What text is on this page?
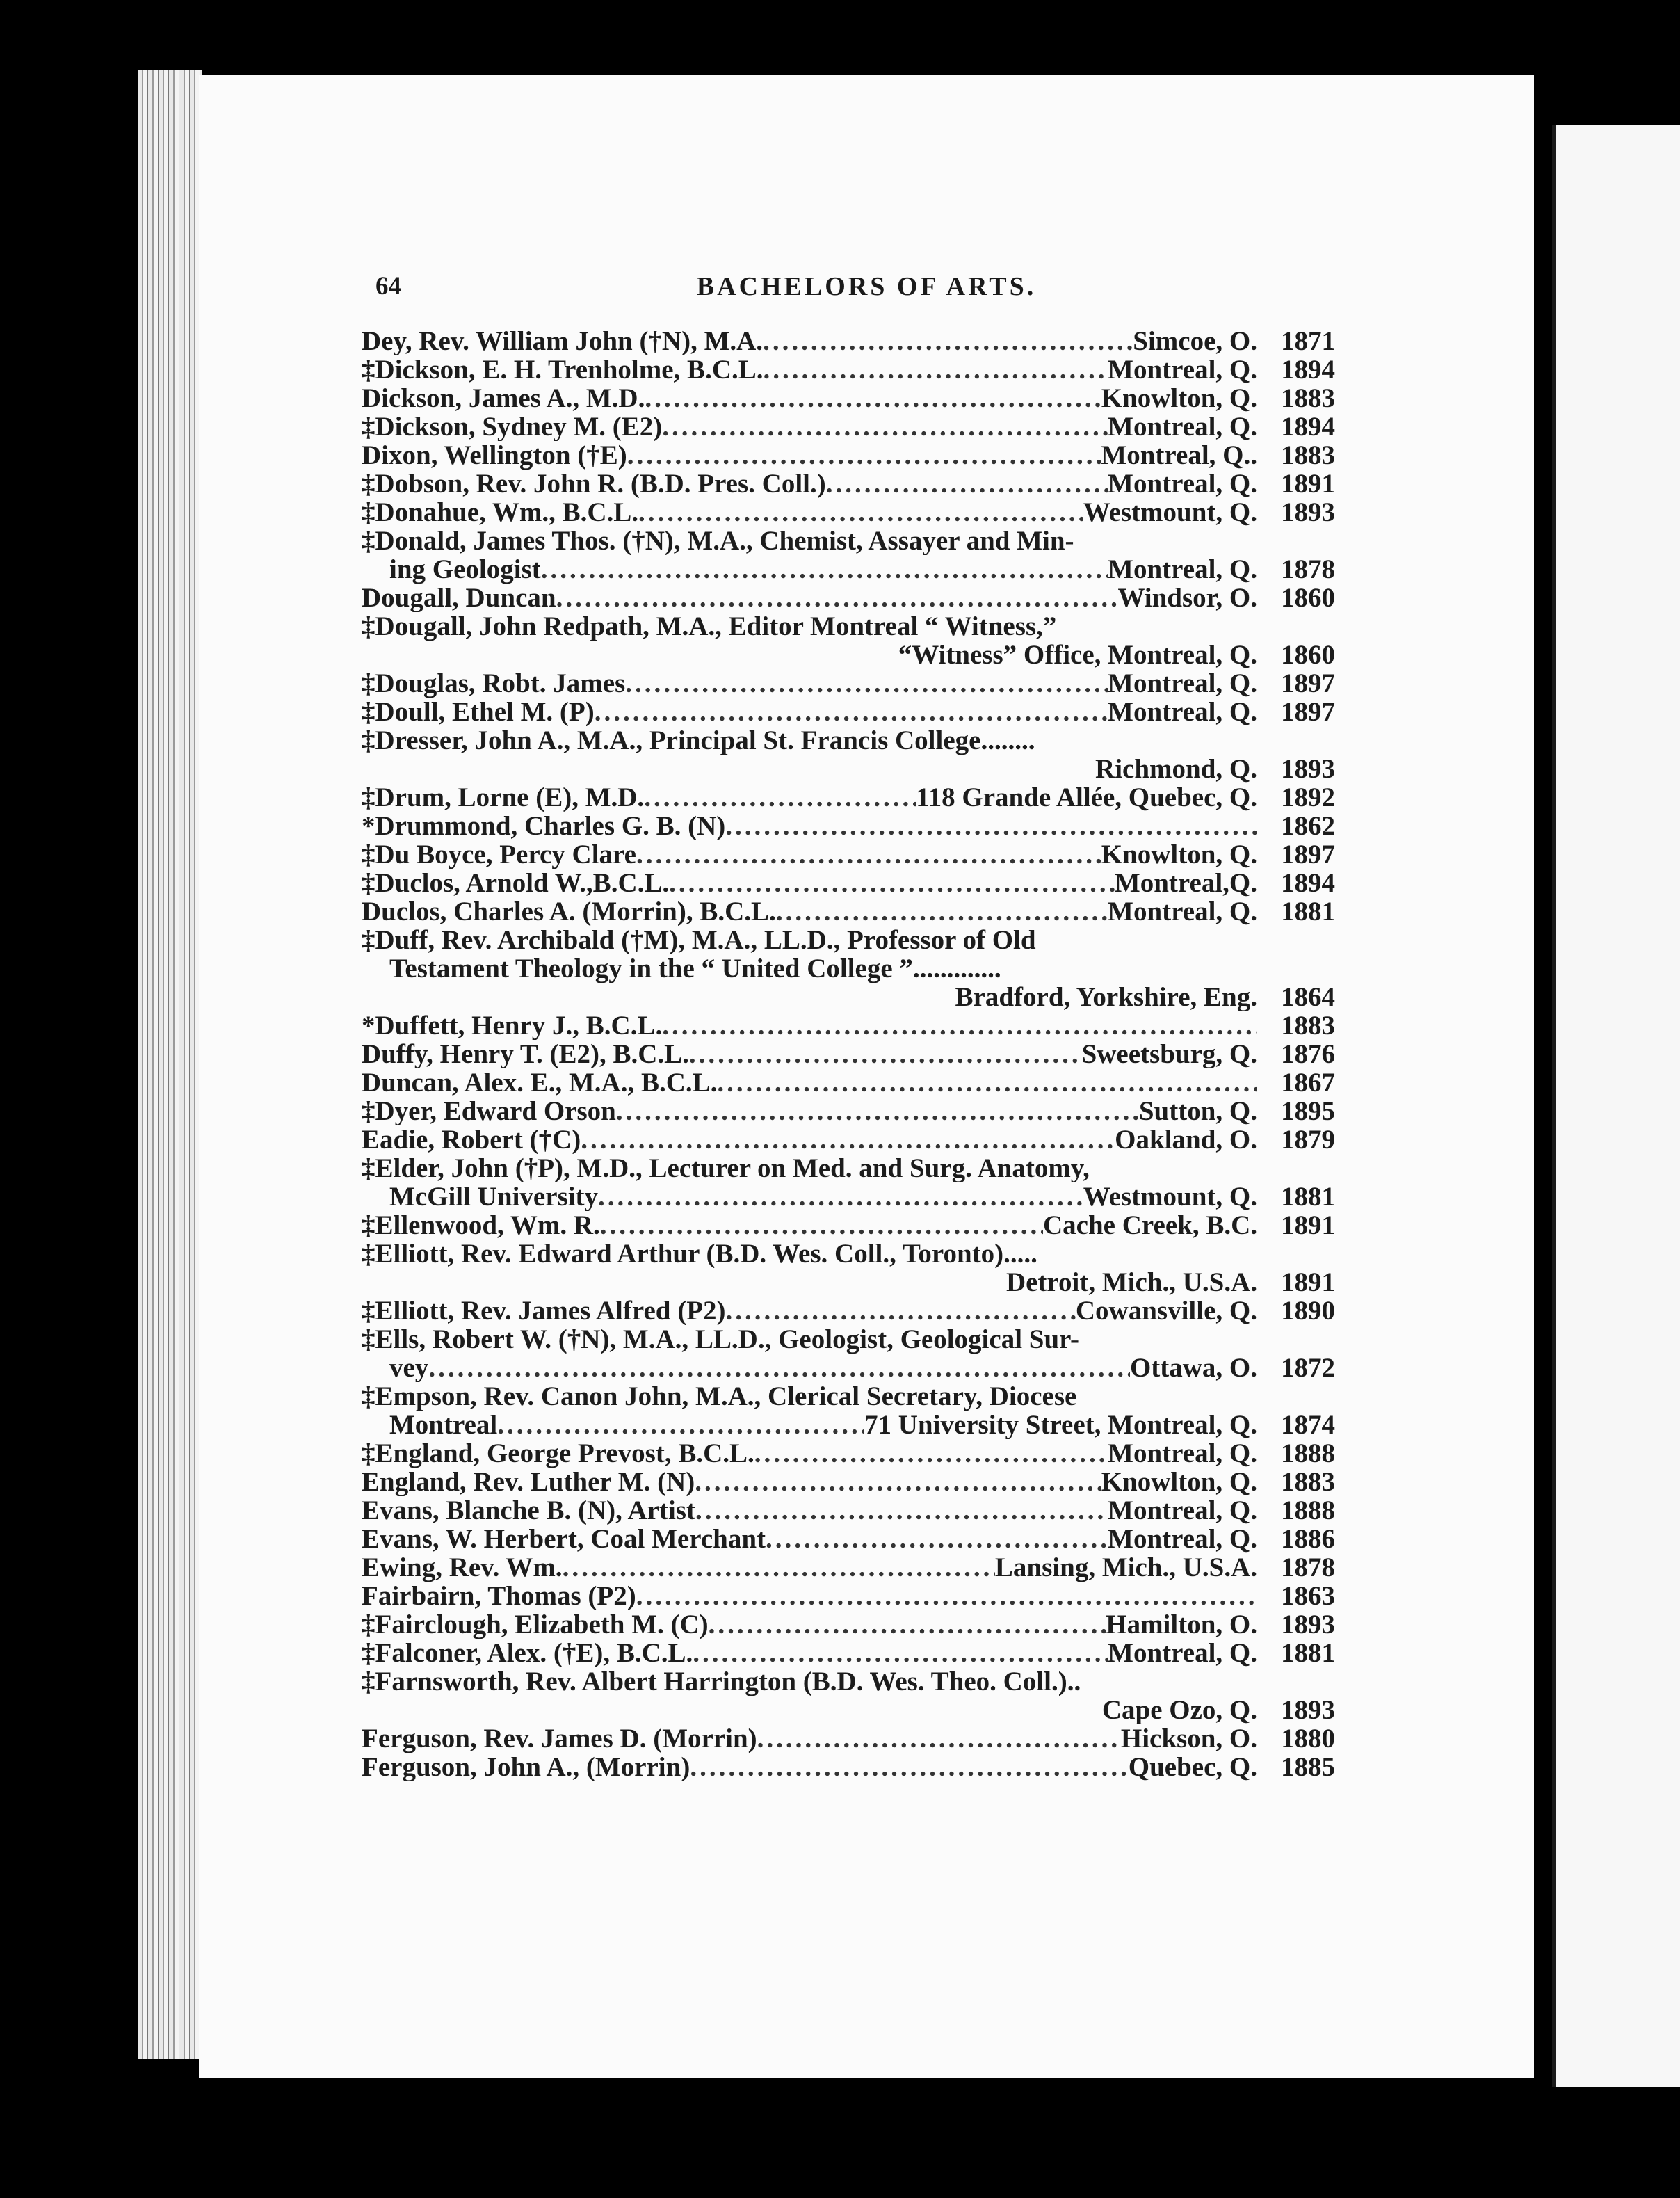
64	BACHELORS OF ARTS.
Dey, Rev. William John (†N), M.A. .....	Simcoe, O. 1871
‡Dickson, E. H. Trenholme, B.C.L. .....	Montreal, Q. 1894
Dickson, James A., M.D. .....	Knowlton, Q. 1883
‡Dickson, Sydney M. (E2) .....	Montreal, Q. 1894
Dixon, Wellington (†E) .....	Montreal, Q.. 1883
‡Dobson, Rev. John R. (B.D. Pres. Coll.) .....	Montreal, Q. 1891
‡Donahue, Wm., B.C.L. .....	Westmount, Q. 1893
‡Donald, James Thos. (†N), M.A., Chemist, Assayer and Min-
ing Geologist .....	Montreal, Q. 1878
Dougall, Duncan .....	Windsor, O. 1860
‡Dougall, John Redpath, M.A., Editor Montreal “ Witness,”
“Witness” Office, Montreal, Q. 1860
‡Douglas, Robt. James .....	Montreal, Q. 1897
‡Doull, Ethel M. (P) .....	Montreal, Q. 1897
‡Dresser, John A., M.A., Principal St. Francis College........
Richmond, Q. 1893
‡Drum, Lorne (E), M.D. .....	118 Grande Allée, Quebec, Q. 1892
*Drummond, Charles G. B. (N) .....	1862
‡Du Boyce, Percy Clare .....	Knowlton, Q. 1897
‡Duclos, Arnold W.,B.C.L. .....	Montreal,Q. 1894
Duclos, Charles A. (Morrin), B.C.L. .....	Montreal, Q. 1881
‡Duff, Rev. Archibald (†M), M.A., LL.D., Professor of Old
Testament Theology in the “ United College ”.............
Bradford, Yorkshire, Eng. 1864
*Duffett, Henry J., B.C.L. .....	1883
Duffy, Henry T. (E2), B.C.L. .....	Sweetsburg, Q. 1876
Duncan, Alex. E., M.A., B.C.L. .....	1867
‡Dyer, Edward Orson .....	Sutton, Q. 1895
Eadie, Robert (†C) .....	Oakland, O. 1879
‡Elder, John (†P), M.D., Lecturer on Med. and Surg. Anatomy,
McGill University .....	Westmount, Q. 1881
‡Ellenwood, Wm. R. .....	Cache Creek, B.C. 1891
‡Elliott, Rev. Edward Arthur (B.D. Wes. Coll., Toronto).....
Detroit, Mich., U.S.A. 1891
‡Elliott, Rev. James Alfred (P2) .....	Cowansville, Q. 1890
‡Ells, Robert W. (†N), M.A., LL.D., Geologist, Geological Sur-
vey .....	Ottawa, O. 1872
‡Empson, Rev. Canon John, M.A., Clerical Secretary, Diocese
Montreal .....	71 University Street, Montreal, Q. 1874
‡England, George Prevost, B.C.L. .....	Montreal, Q. 1888
England, Rev. Luther M. (N) .....	Knowlton, Q. 1883
Evans, Blanche B. (N), Artist .....	Montreal, Q. 1888
Evans, W. Herbert, Coal Merchant .....	Montreal, Q. 1886
Ewing, Rev. Wm. .....	Lansing, Mich., U.S.A. 1878
Fairbairn, Thomas (P2) .....	1863
‡Fairclough, Elizabeth M. (C) .....	Hamilton, O. 1893
‡Falconer, Alex. (†E), B.C.L. .....	Montreal, Q. 1881
‡Farnsworth, Rev. Albert Harrington (B.D. Wes. Theo. Coll.)..
Cape Ozo, Q. 1893
Ferguson, Rev. James D. (Morrin) .....	Hickson, O. 1880
Ferguson, John A., (Morrin) .....	Quebec, Q. 1885
